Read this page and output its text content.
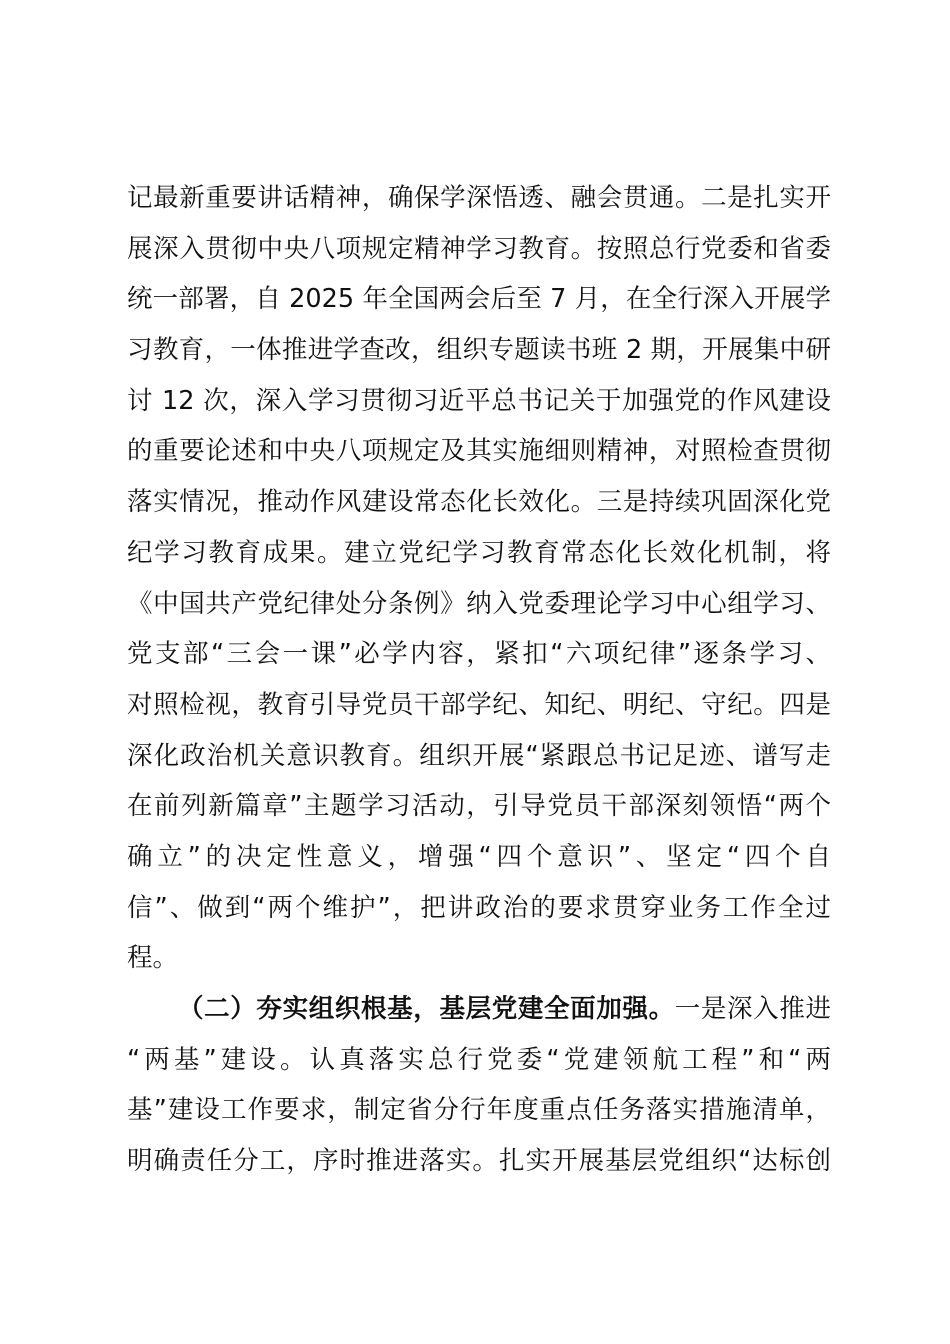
记最新重要讲话精神，确保学深悟透、融会贯通。二是扎实开
展深入贯彻中央八项规定精神学习教育。按照总行党委和省委
统一部署，自 2025 年全国两会后至 7 月，在全行深入开展学
习教育，一体推进学查改，组织专题读书班 2 期，开展集中研
讨 12 次，深入学习贯彻习近平总书记关于加强党的作风建设
的重要论述和中央八项规定及其实施细则精神，对照检查贯彻
落实情况，推动作风建设常态化长效化。三是持续巩固深化党
纪学习教育成果。建立党纪学习教育常态化长效化机制，将
《中国共产党纪律处分条例》纳入党委理论学习中心组学习、
党支部“三会一课”必学内容，紧扣“六项纪律”逐条学习、
对照检视，教育引导党员干部学纪、知纪、明纪、守纪。四是
深化政治机关意识教育。组织开展“紧跟总书记足迹、谱写走
在前列新篇章”主题学习活动，引导党员干部深刻领悟“两个
确立”的决定性意义，增强“四个意识”、坚定“四个自
信”、做到“两个维护”，把讲政治的要求贯穿业务工作全过
程。
（二）夯实组织根基，基层党建全面加强。一是深入推进
“两基”建设。认真落实总行党委“党建领航工程”和“两
基”建设工作要求，制定省分行年度重点任务落实措施清单，
明确责任分工，序时推进落实。扎实开展基层党组织“达标创
